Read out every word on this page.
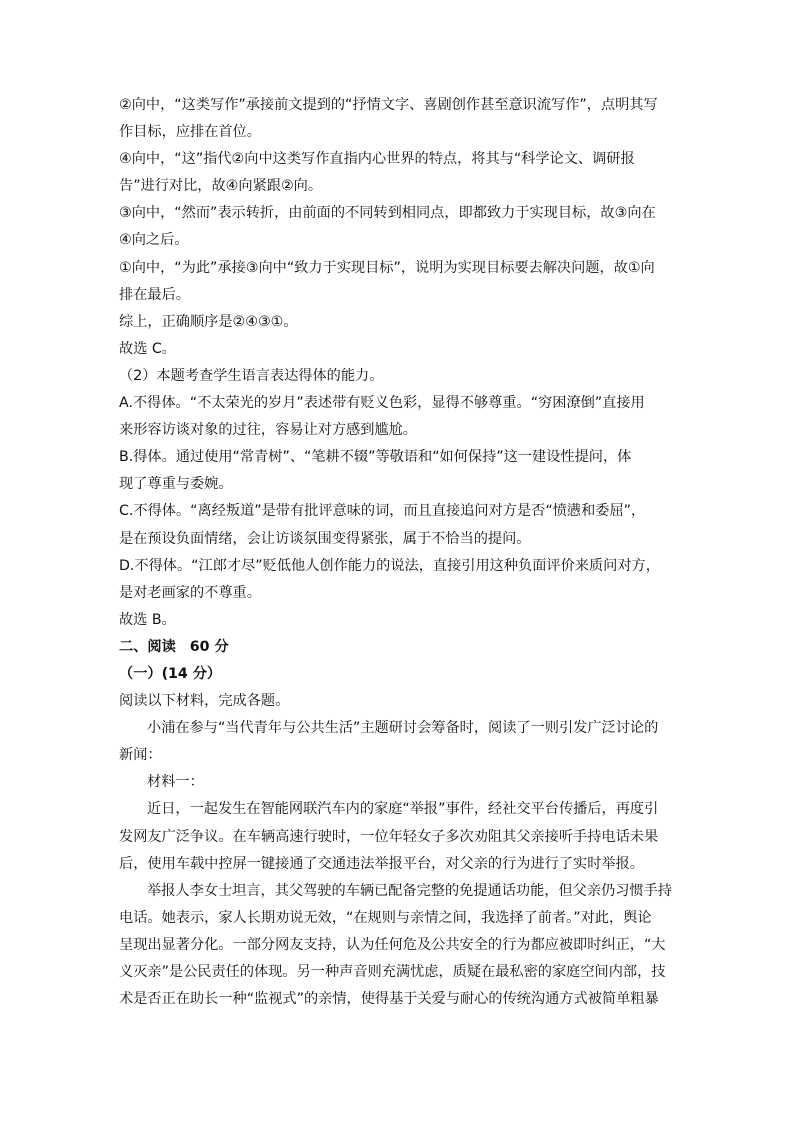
②向中，“这类写作”承接前文提到的“抒情文字、喜剧创作甚至意识流写作”，点明其写
作目标，应排在首位。
④向中，“这”指代②向中这类写作直指内心世界的特点，将其与“科学论文、调研报
告”进行对比，故④向紧跟②向。
③向中，“然而”表示转折，由前面的不同转到相同点，即都致力于实现目标，故③向在
④向之后。
①向中，“为此”承接③向中“致力于实现目标”，说明为实现目标要去解决问题，故①向
排在最后。
综上，正确顺序是②④③①。
故选 C。
（2）本题考查学生语言表达得体的能力。
A.不得体。“不太荣光的岁月”表述带有贬义色彩，显得不够尊重。“穷困潦倒”直接用
来形容访谈对象的过往，容易让对方感到尴尬。
B.得体。通过使用“常青树”、“笔耕不辍”等敬语和“如何保持”这一建设性提问，体
现了尊重与委婉。
C.不得体。“离经叛道”是带有批评意味的词，而且直接追问对方是否“愤懑和委屈”，
是在预设负面情绪，会让访谈氛围变得紧张，属于不恰当的提问。
D.不得体。“江郎才尽”贬低他人创作能力的说法，直接引用这种负面评价来质问对方，
是对老画家的不尊重。
故选 B。
二、阅读 60 分
（一）(14 分）
阅读以下材料，完成各题。
小浦在参与“当代青年与公共生活”主题研讨会筹备时，阅读了一则引发广泛讨论的
新闻：
材料一：
近日，一起发生在智能网联汽车内的家庭“举报”事件，经社交平台传播后，再度引
发网友广泛争议。在车辆高速行驶时，一位年轻女子多次劝阻其父亲接听手持电话未果
后，使用车载中控屏一键接通了交通违法举报平台，对父亲的行为进行了实时举报。
举报人李女士坦言，其父驾驶的车辆已配备完整的免提通话功能，但父亲仍习惯手持
电话。她表示，家人长期劝说无效，“在规则与亲情之间，我选择了前者。”对此，舆论
呈现出显著分化。一部分网友支持，认为任何危及公共安全的行为都应被即时纠正，“大
义灭亲”是公民责任的体现。另一种声音则充满忧虑，质疑在最私密的家庭空间内部，技
术是否正在助长一种“监视式”的亲情，使得基于关爱与耐心的传统沟通方式被简单粗暴
